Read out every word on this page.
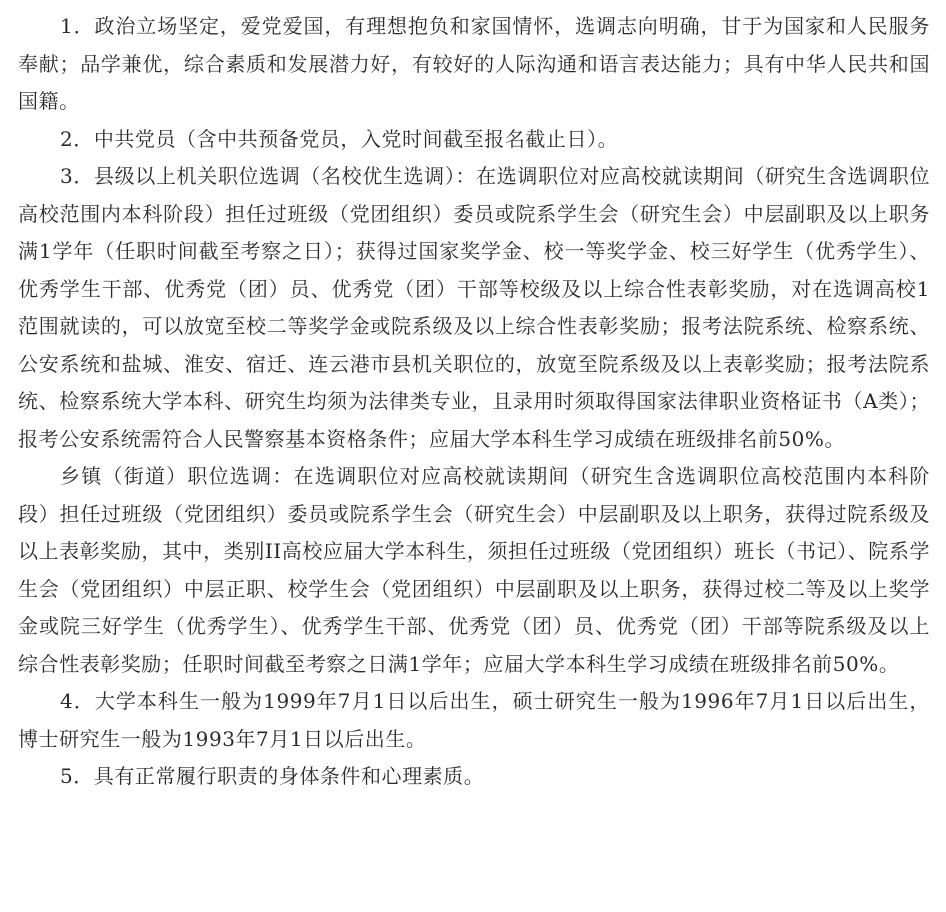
1．政治立场坚定，爱党爱国，有理想抱负和家国情怀，选调志向明确，甘于为国家和人民服务奉献；品学兼优，综合素质和发展潜力好，有较好的人际沟通和语言表达能力；具有中华人民共和国国籍。

2．中共党员（含中共预备党员，入党时间截至报名截止日）。

3．县级以上机关职位选调（名校优生选调）：在选调职位对应高校就读期间（研究生含选调职位高校范围内本科阶段）担任过班级（党团组织）委员或院系学生会（研究生会）中层副职及以上职务满1学年（任职时间截至考察之日）；获得过国家奖学金、校一等奖学金、校三好学生（优秀学生）、优秀学生干部、优秀党（团）员、优秀党（团）干部等校级及以上综合性表彰奖励，对在选调高校1范围就读的，可以放宽至校二等奖学金或院系级及以上综合性表彰奖励；报考法院系统、检察系统、公安系统和盐城、淮安、宿迁、连云港市县机关职位的，放宽至院系级及以上表彰奖励；报考法院系统、检察系统大学本科、研究生均须为法律类专业，且录用时须取得国家法律职业资格证书（A类）；报考公安系统需符合人民警察基本资格条件；应届大学本科生学习成绩在班级排名前50%。

乡镇（街道）职位选调：在选调职位对应高校就读期间（研究生含选调职位高校范围内本科阶段）担任过班级（党团组织）委员或院系学生会（研究生会）中层副职及以上职务，获得过院系级及以上表彰奖励，其中，类别II高校应届大学本科生，须担任过班级（党团组织）班长（书记）、院系学生会（党团组织）中层正职、校学生会（党团组织）中层副职及以上职务，获得过校二等及以上奖学金或院三好学生（优秀学生）、优秀学生干部、优秀党（团）员、优秀党（团）干部等院系级及以上综合性表彰奖励；任职时间截至考察之日满1学年；应届大学本科生学习成绩在班级排名前50%。

4．大学本科生一般为1999年7月1日以后出生，硕士研究生一般为1996年7月1日以后出生，博士研究生一般为1993年7月1日以后出生。

5．具有正常履行职责的身体条件和心理素质。
